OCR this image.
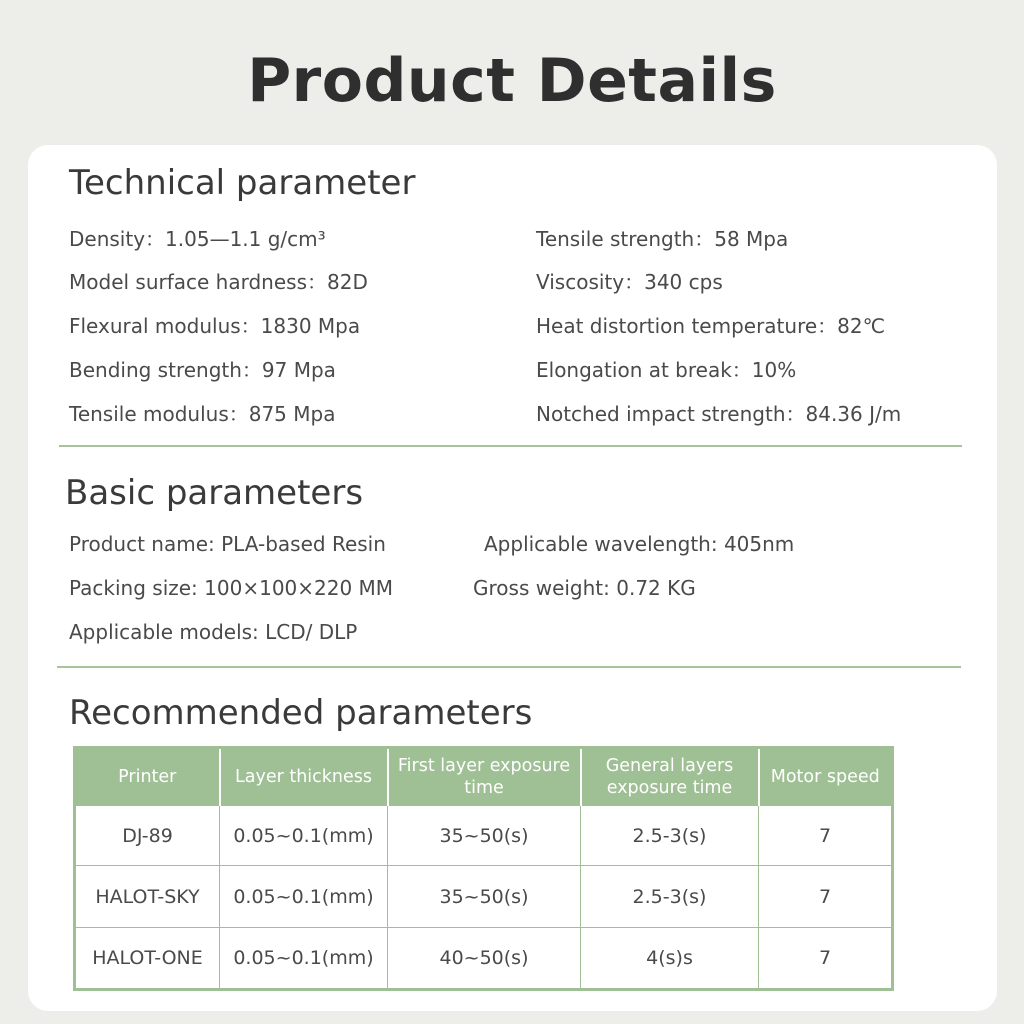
Product Details
Technical parameter
Density：1.05—1.1 g/cm³
Model surface hardness：82D
Flexural modulus：1830 Mpa
Bending strength：97 Mpa
Tensile modulus：875 Mpa
Tensile strength：58 Mpa
Viscosity：340 cps
Heat distortion temperature：82℃
Elongation at break：10%
Notched impact strength：84.36 J/m
Basic parameters
Product name: PLA-based Resin	Applicable wavelength: 405nm
Packing size: 100×100×220 MM	Gross weight: 0.72 KG
Applicable models: LCD/ DLP
Recommended parameters
Printer	Layer thickness	First layer exposure time	General layers exposure time	Motor speed
DJ-89	0.05~0.1(mm)	35~50(s)	2.5-3(s)	7
HALOT-SKY	0.05~0.1(mm)	35~50(s)	2.5-3(s)	7
HALOT-ONE	0.05~0.1(mm)	40~50(s)	4(s)s	7
